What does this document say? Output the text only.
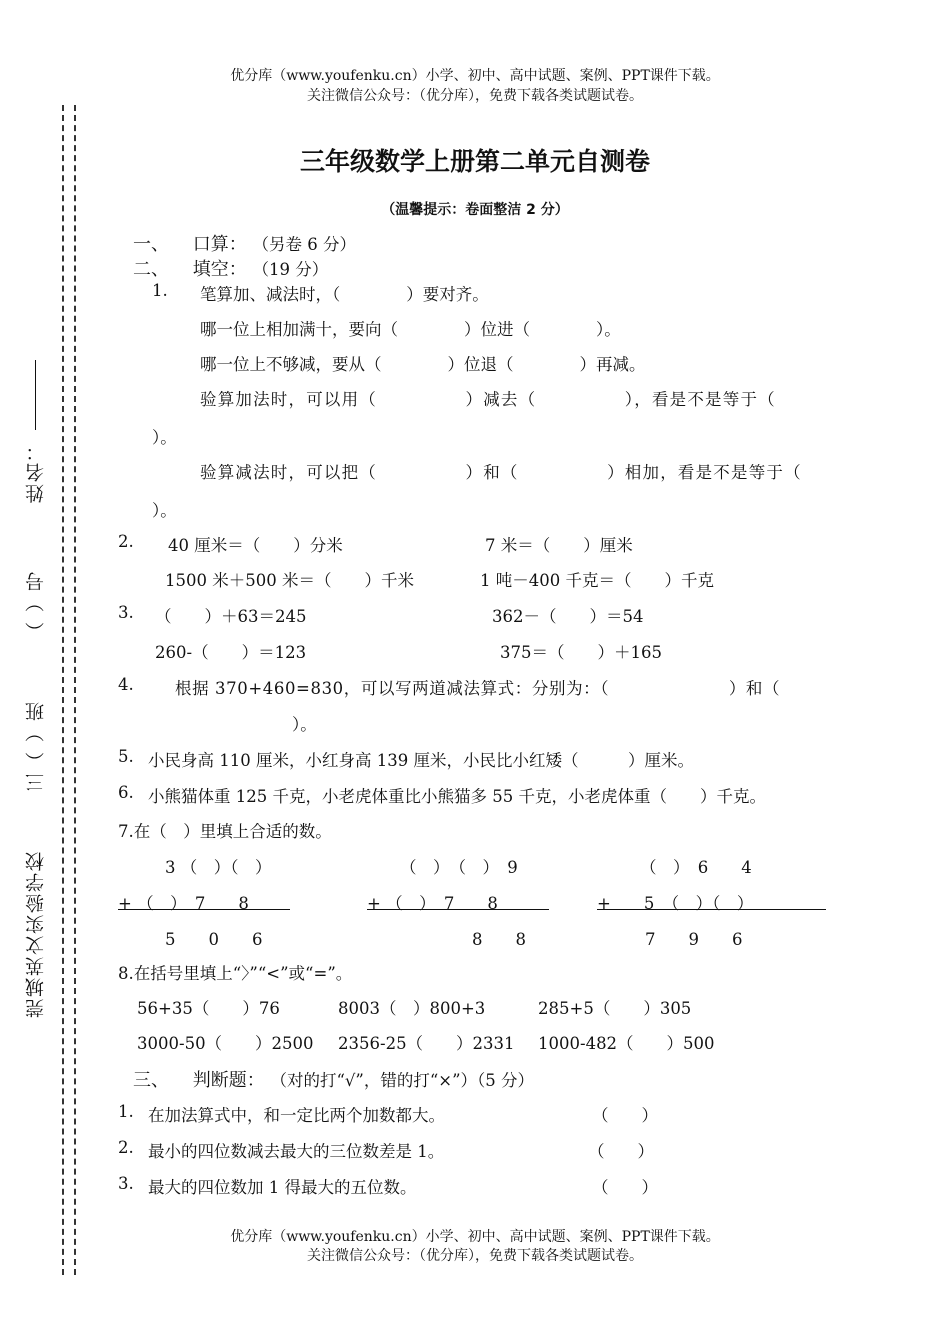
莞城英文实验学校
三（ ）班
（ ）号
姓名：
优分库（www.youfenku.cn）小学、初中、高中试题、案例、PPT课件下载。
关注微信公众号：（优分库），免费下载各类试题试卷。
三年级数学上册第二单元自测卷
（温馨提示：卷面整洁 2 分）
一、 口算： （另卷 6 分）
二、 填空： （19 分）
1. 笔算加、减法时，（　　　　）要对齐。
哪一位上相加满十，要向（　　　　）位进（　　　　）。
哪一位上不够减，要从（　　　　）位退（　　　　）再减。
验算加法时，可以用（　　　　　）减去（　　　　　），看是不是等于（
）。
验算减法时，可以把（　　　　　）和（　　　　　）相加，看是不是等于（
）。
2. 40 厘米＝（　　）分米	7 米＝（　　）厘米
1500 米＋500 米＝（　　）千米	1 吨－400 千克＝（　　）千克
3. （　　）＋63＝245	362－（　　）＝54
260-（　　）＝123	375＝（　　）＋165
4.	根据 370+460=830，可以写两道减法算式：分别为：（　　　　　　　）和（
）。
5. 小民身高 110 厘米，小红身高 139 厘米，小民比小红矮（　　　）厘米。
6. 小熊猫体重 125 千克，小老虎体重比小熊猫多 55 千克，小老虎体重（　　）千克。
7.在（　）里填上合适的数。
3 （　）（　）
+ （　）　7　　8
5　　0　　6
（　）　（　）　9
+ （　）　7　　8
8　　8
（　）　6　　4
+　　5　（　）（　）
7　　9　　6
8.在括号里填上“〉”“<”或“=”。
56+35（　　）76	8003（　）800+3	285+5（　　）305
3000-50（　　）2500 2356-25（　　）2331 1000-482（　　）500
三、 判断题： （对的打“√”，错的打“×”）（5 分）
1. 在加法算式中，和一定比两个加数都大。	（　　）
2. 最小的四位数减去最大的三位数差是 1。	（　　）
3. 最大的四位数加 1 得最大的五位数。	（　　）
优分库（www.youfenku.cn）小学、初中、高中试题、案例、PPT课件下载。
关注微信公众号：（优分库），免费下载各类试题试卷。
